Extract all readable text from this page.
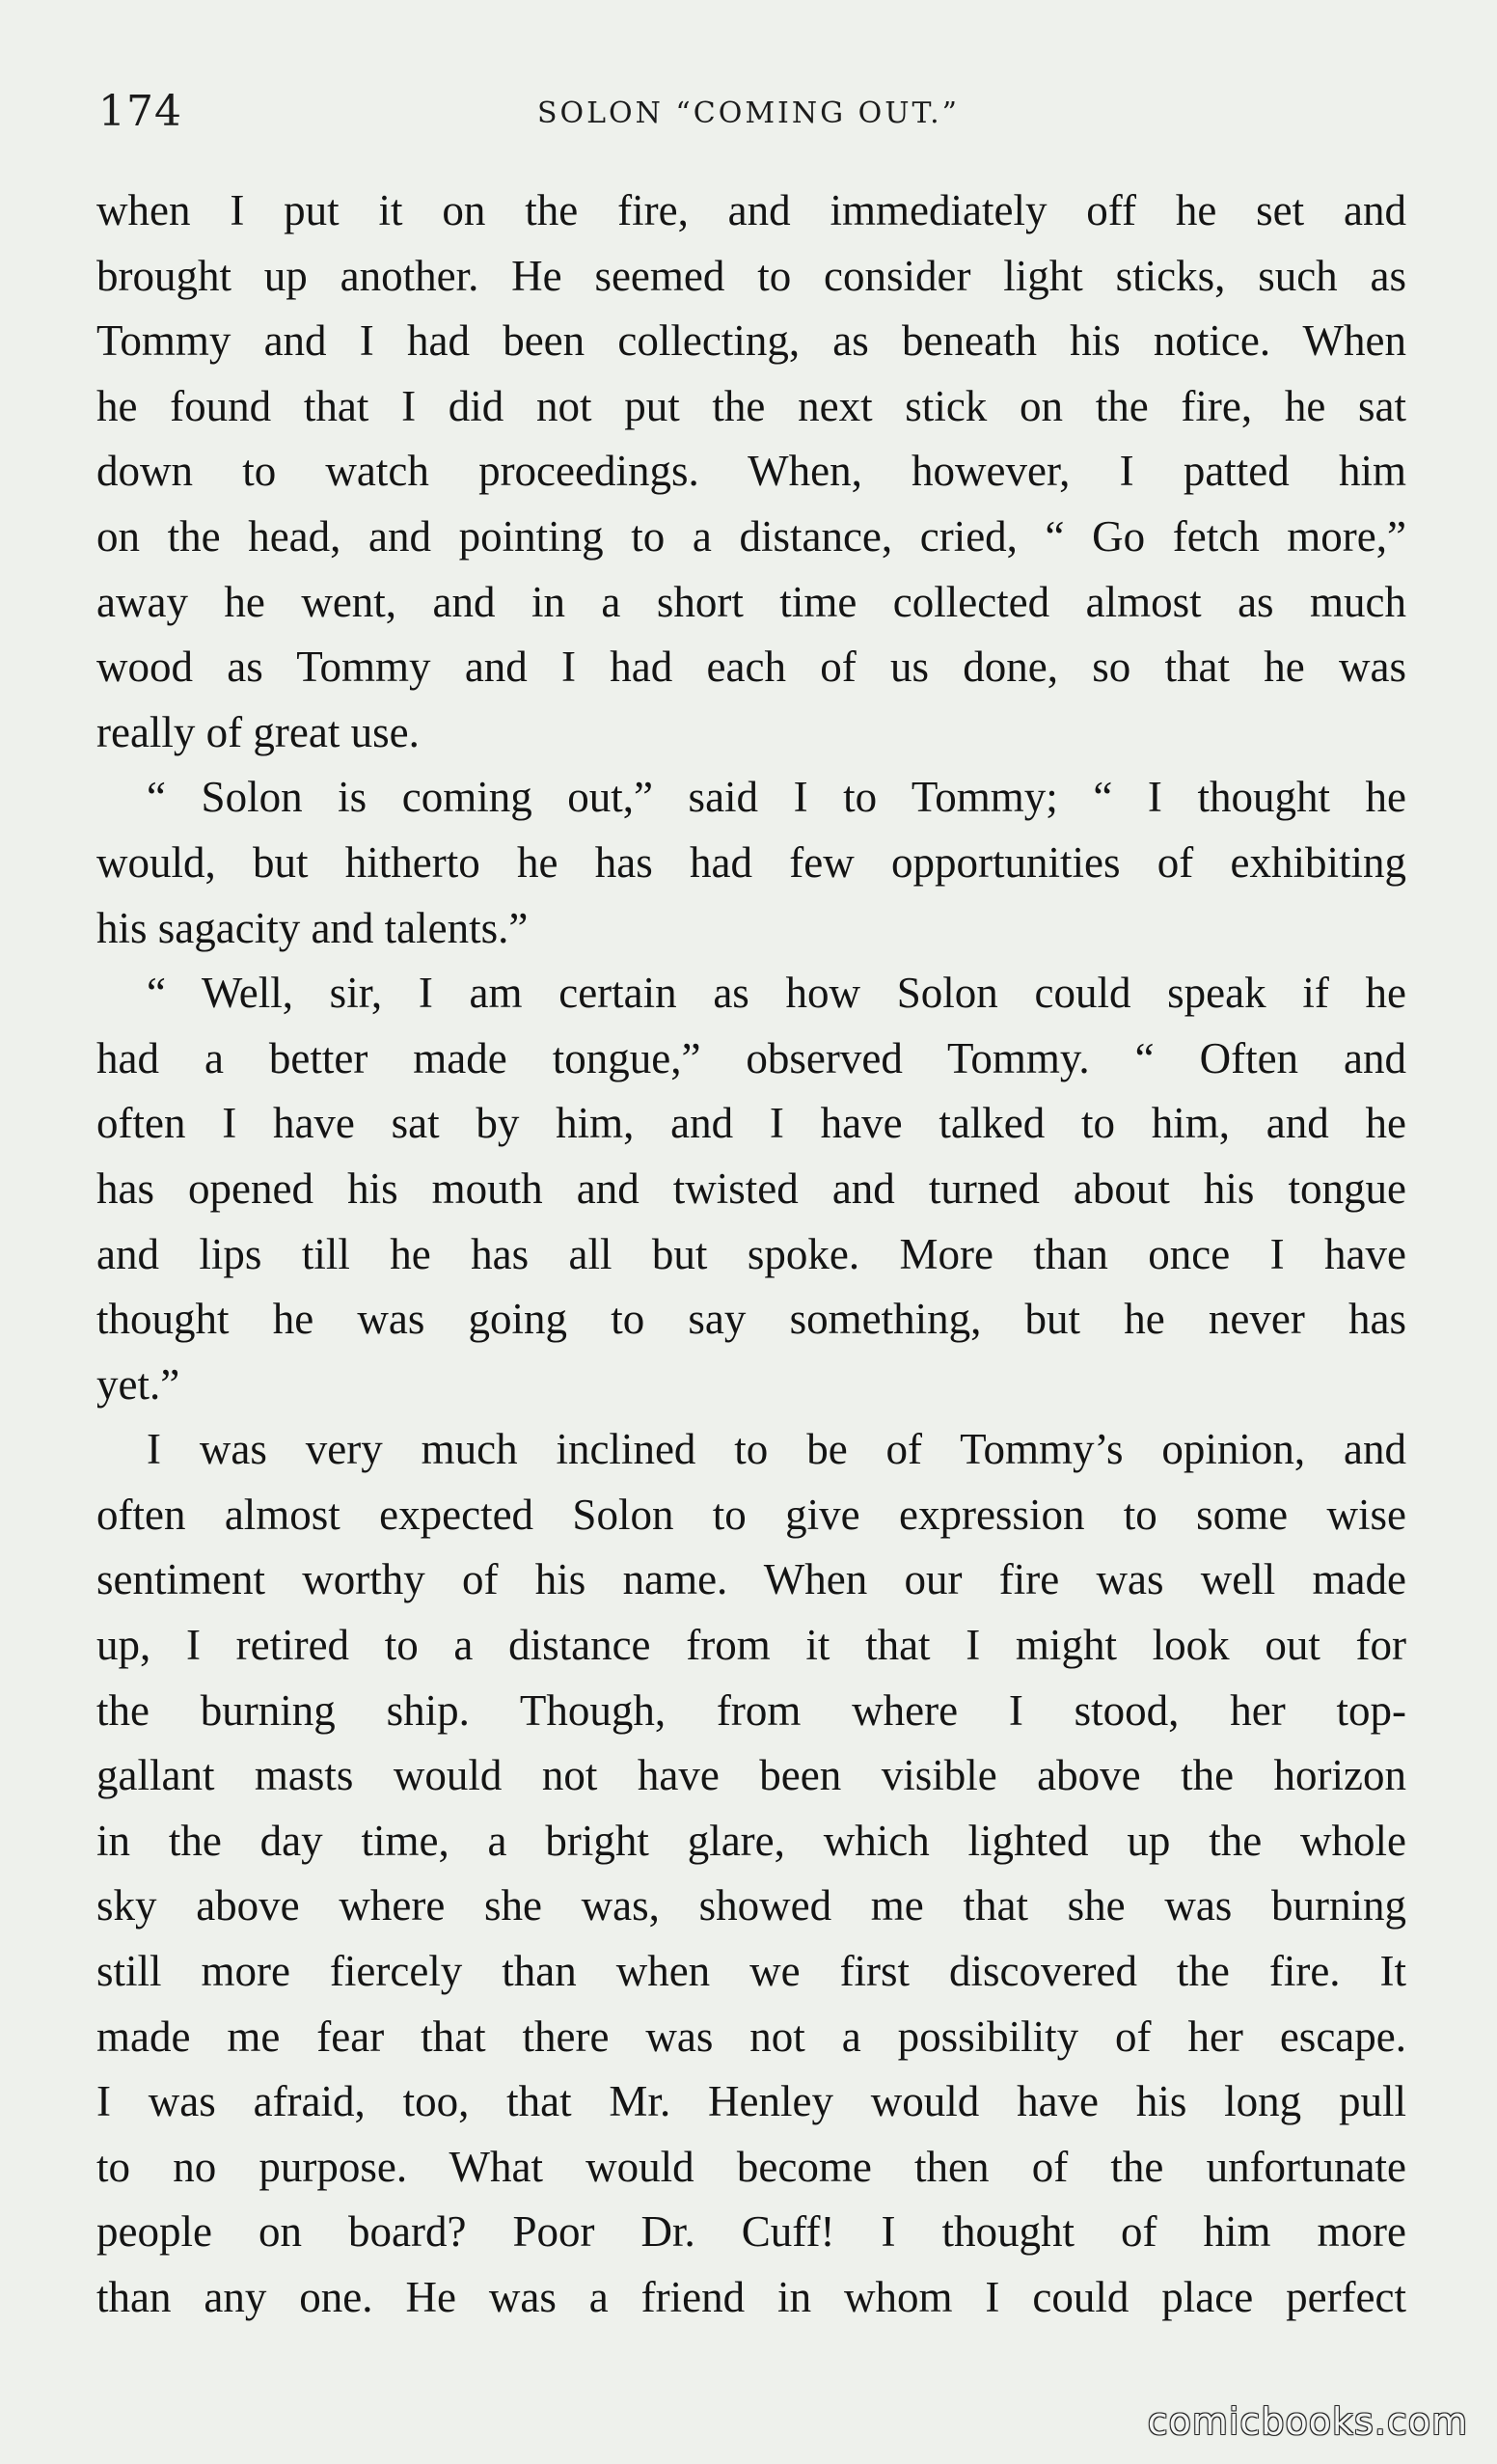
174	SOLON “COMING OUT.”
when I put it on the fire, and immediately off he set and
brought up another. He seemed to consider light sticks, such as
Tommy and I had been collecting, as beneath his notice. When
he found that I did not put the next stick on the fire, he sat
down to watch proceedings. When, however, I patted him
on the head, and pointing to a distance, cried, “ Go fetch more,”
away he went, and in a short time collected almost as much
wood as Tommy and I had each of us done, so that he was
really of great use.
“ Solon is coming out,” said I to Tommy; “ I thought he
would, but hitherto he has had few opportunities of exhibiting
his sagacity and talents.”
“ Well, sir, I am certain as how Solon could speak if he
had a better made tongue,” observed Tommy. “ Often and
often I have sat by him, and I have talked to him, and he
has opened his mouth and twisted and turned about his tongue
and lips till he has all but spoke. More than once I have
thought he was going to say something, but he never has
yet.”
I was very much inclined to be of Tommy’s opinion, and
often almost expected Solon to give expression to some wise
sentiment worthy of his name. When our fire was well made
up, I retired to a distance from it that I might look out for
the burning ship. Though, from where I stood, her top-
gallant masts would not have been visible above the horizon
in the day time, a bright glare, which lighted up the whole
sky above where she was, showed me that she was burning
still more fiercely than when we first discovered the fire. It
made me fear that there was not a possibility of her escape.
I was afraid, too, that Mr. Henley would have his long pull
to no purpose. What would become then of the unfortunate
people on board? Poor Dr. Cuff! I thought of him more
than any one. He was a friend in whom I could place perfect
comicbooks.com
